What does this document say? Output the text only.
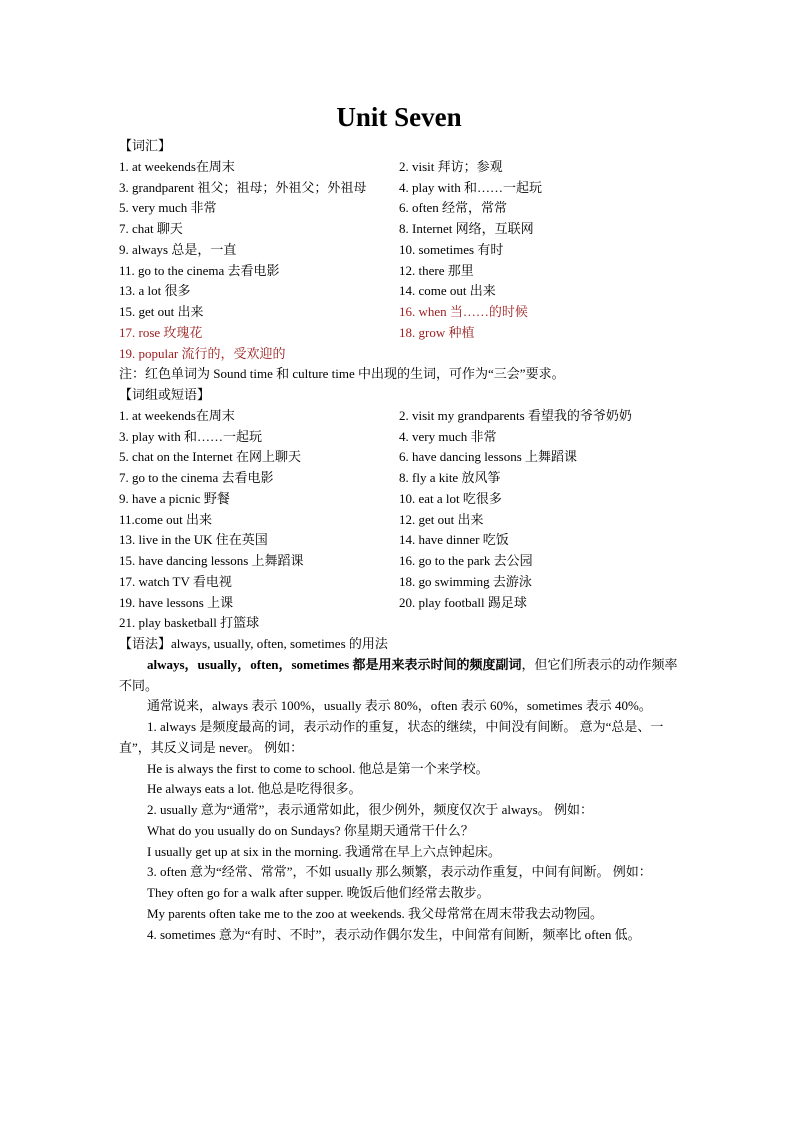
Unit Seven
【词汇】
1. at weekends在周末	2. visit 拜访；参观
3. grandparent 祖父；祖母；外祖父；外祖母	4. play with 和……一起玩
5. very much 非常	6. often 经常，常常
7. chat 聊天	8. Internet 网络，互联网
9. always 总是，一直	10. sometimes 有时
11. go to the cinema 去看电影	12. there 那里
13. a lot 很多	14. come out 出来
15. get out 出来	16. when 当……的时候
17. rose 玫瑰花	18. grow 种植
19. popular 流行的，受欢迎的
注：红色单词为 Sound time 和 culture time 中出现的生词，可作为“三会”要求。
【词组或短语】
1. at weekends在周末	2. visit my grandparents 看望我的爷爷奶奶
3. play with 和……一起玩	4. very much 非常
5. chat on the Internet 在网上聊天	6. have dancing lessons 上舞蹈课
7. go to the cinema 去看电影	8. fly a kite 放风筝
9. have a picnic 野餐	10. eat a lot 吃很多
11.come out 出来	12. get out 出来
13. live in the UK 住在英国	14. have dinner 吃饭
15. have dancing lessons 上舞蹈课	16. go to the park 去公园
17. watch TV 看电视	18. go swimming 去游泳
19. have lessons 上课	20. play football 踢足球
21. play basketball 打篮球
【语法】always, usually, often, sometimes 的用法
always，usually，often，sometimes 都是用来表示时间的频度副词，但它们所表示的动作频率不同。
通常说来，always 表示 100%，usually 表示 80%，often 表示 60%，sometimes 表示 40%。
1. always 是频度最高的词，表示动作的重复，状态的继续，中间没有间断。 意为“总是、一直”，其反义词是 never。 例如：
He is always the first to come to school. 他总是第一个来学校。
He always eats a lot. 他总是吃得很多。
2. usually 意为“通常”，表示通常如此，很少例外，频度仅次于 always。 例如：
What do you usually do on Sundays? 你星期天通常干什么？
I usually get up at six in the morning. 我通常在早上六点钟起床。
3. often 意为“经常、常常”，不如 usually 那么频繁，表示动作重复，中间有间断。 例如：
They often go for a walk after supper. 晚饭后他们经常去散步。
My parents often take me to the zoo at weekends. 我父母常常在周末带我去动物园。
4. sometimes 意为“有时、不时”，表示动作偶尔发生，中间常有间断，频率比 often 低。
